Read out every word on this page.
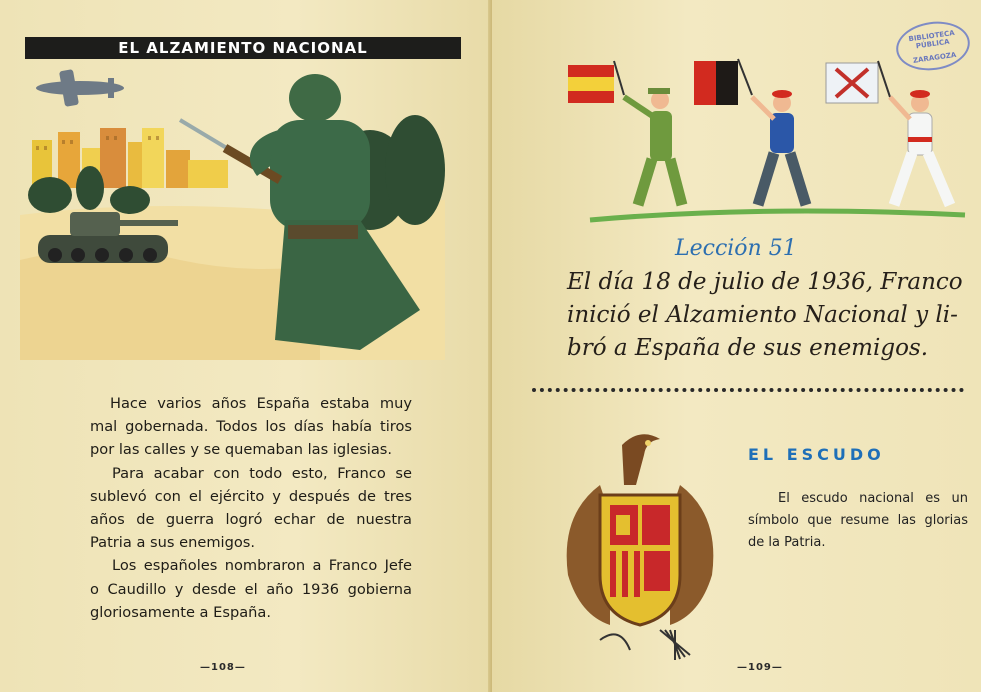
EL ALZAMIENTO NACIONAL

Hace varios años España estaba muy mal gobernada. Todos los días había tiros por las calles y se quemaban las iglesias.

Para acabar con todo esto, Franco se sublevó con el ejército y después de tres años de guerra logró echar de nuestra Patria a sus enemigos.

Los españoles nombraron a Franco Jefe o Caudillo y desde el año 1936 gobierna gloriosamente a España.

—108—
BIBLIOTECA PÚBLICA
ZARAGOZA
Lección 51
El día 18 de julio de 1936, Franco
inició el Alzamiento Nacional y li-
bró a España de sus enemigos.
EL ESCUDO

El escudo nacional es un símbolo que resume las glorias de la Patria.

—109—
